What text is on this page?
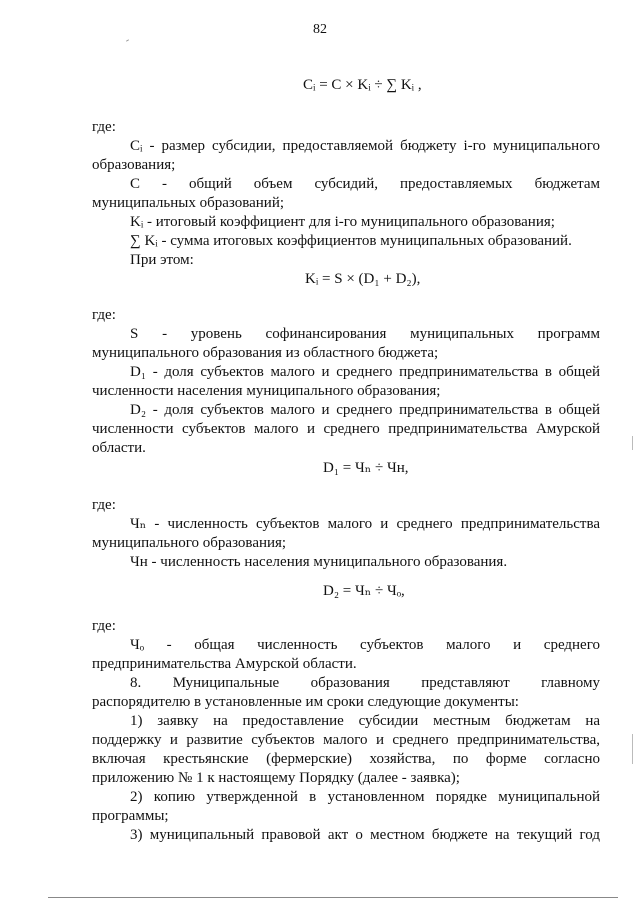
82
Cᵢ = C × Kᵢ ÷ ∑ Kᵢ ,

где:

Cᵢ - размер субсидии, предоставляемой бюджету i-го муниципального

образования;

C   -   общий   объем   субсидий,   предоставляемых   бюджетам

муниципальных образований;

Kᵢ - итоговый коэффициент для i-го муниципального образования;

∑ Kᵢ - сумма итоговых коэффициентов муниципальных образований.

При этом:

Kᵢ = S × (D₁ + D₂),

где:

S   -   уровень   софинансирования   муниципальных   программ

муниципального образования из областного бюджета;

D₁ - доля субъектов малого и среднего предпринимательства в общей

численности населения муниципального образования;

D₂ - доля субъектов малого и среднего предпринимательства в общей

численности субъектов малого и среднего предпринимательства Амурской

области.

D₁ = Чₙ ÷ Чн,

где:

Чₙ - численность субъектов малого и среднего предпринимательства

муниципального образования;

Чн - численность населения муниципального образования.

D₂ = Чₙ ÷ Чₒ,

где:

Чₒ   -   общая   численность   субъектов   малого   и   среднего

предпринимательства Амурской области.

8.   Муниципальные   образования   представляют   главному

распорядителю в установленные им сроки следующие документы:

1) заявку на предоставление субсидии местным бюджетам на

поддержку и развитие субъектов малого и среднего предпринимательства,

включая  крестьянские  (фермерские)  хозяйства,  по  форме  согласно

приложению № 1 к настоящему Порядку (далее - заявка);

2) копию утвержденной в установленном порядке муниципальной

программы;

3) муниципальный правовой акт о местном бюджете на текущий год
